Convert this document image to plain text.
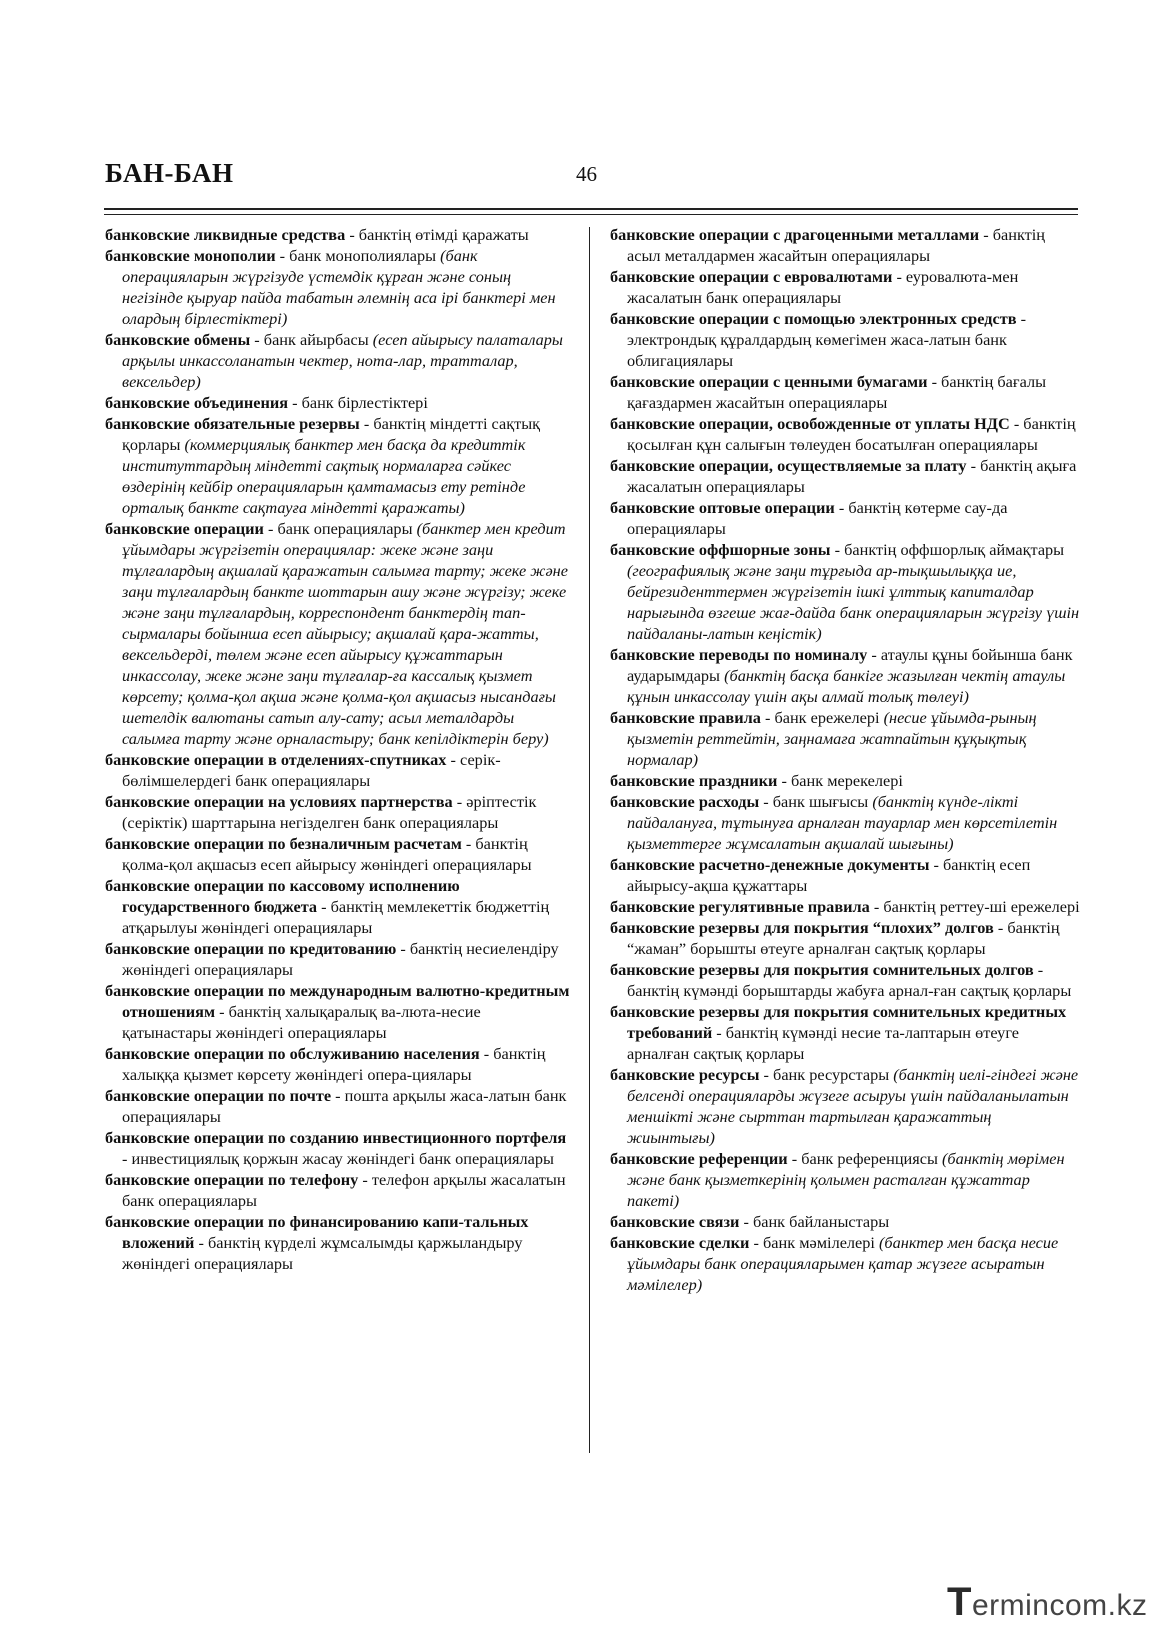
БАН-БАН	46

банковские ликвидные средства - банктің өтімді қаражаты

банковские монополии - банк монополиялары (банк операцияларын жүргізуде үстемдік құрған және соның негізінде қыруар пайда табатын әлемнің аса ірі банктері мен олардың бірлестіктері)

банковские обмены - банк айырбасы (есеп айырысу палаталары арқылы инкассоланатын чектер, нота-лар, тратталар, вексельдер)

банковские объединения - банк бірлестіктері

банковские обязательные резервы - банктің міндетті сақтық қорлары (коммерциялық банктер мен басқа да кредиттік институттардың міндетті сақтық нормаларға сәйкес өздерінің кейбір операцияларын қамтамасыз ету ретінде орталық банкте сақтауға міндетті қаражаты)

банковские операции - банк операциялары (банктер мен кредит ұйымдары жүргізетін операциялар: жеке және заңи тұлғалардың ақшалай қаражатын салымға тарту; жеке және заңи тұлғалардың банкте шоттарын ашу және жүргізу; жеке және заңи тұлғалардың, корреспондент банктердің тап-сырмалары бойынша есеп айырысу; ақшалай қара-жатты, вексельдерді, төлем және есеп айырысу құжаттарын инкассолау, жеке және заңи тұлғалар-ға кассалық қызмет көрсету; қолма-қол ақша және қолма-қол ақшасыз нысандағы шетелдік валютаны сатып алу-сату; асыл металдарды салымға тарту және орналастыру; банк кепілдіктерін беру)

банковские операции в отделениях-спутниках - серік-бөлімшелердегі банк операциялары

банковские операции на условиях партнерства - әріптестік (серіктік) шарттарына негізделген банк операциялары

банковские операции по безналичным расчетам - банктің қолма-қол ақшасыз есеп айырысу жөніндегі операциялары

банковские операции по кассовому исполнению государственного бюджета - банктің мемлекеттік бюджеттің атқарылуы жөніндегі операциялары

банковские операции по кредитованию - банктің несиелендіру жөніндегі операциялары

банковские операции по международным валютно-кредитным отношениям - банктің халықаралық ва-люта-несие қатынастары жөніндегі операциялары

банковские операции по обслуживанию населения - банктің халыққа қызмет көрсету жөніндегі опера-циялары

банковские операции по почте - пошта арқылы жаса-латын банк операциялары

банковские операции по созданию инвестиционного портфеля - инвестициялық қоржын жасау жөніндегі банк операциялары

банковские операции по телефону - телефон арқылы жасалатын банк операциялары

банковские операции по финансированию капи-тальных вложений - банктің күрделі жұмсалымды қаржыландыру жөніндегі операциялары

банковские операции с драгоценными металлами - банктің асыл металдармен жасайтын операциялары

банковские операции с евровалютами - еуровалюта-мен жасалатын банк операциялары

банковские операции с помощью электронных средств - электрондық құралдардың көмегімен жаса-латын банк облигациялары

банковские операции с ценными бумагами - банктің бағалы қағаздармен жасайтын операциялары

банковские операции, освобожденные от уплаты НДС - банктің қосылған құн салығын төлеуден босатылған операциялары

банковские операции, осуществляемые за плату - банктің ақыға жасалатын операциялары

банковские оптовые операции - банктің көтерме сау-да операциялары

банковские оффшорные зоны - банктің оффшорлық аймақтары (географиялық және заңи тұрғыда ар-тықшылыққа ие, бейрезиденттермен жүргізетін ішкі ұлттық капиталдар нарығында өзгеше жағ-дайда банк операцияларын жүргізу үшін пайдаланы-латын кеңістік)

банковские переводы по номиналу - атаулы құны бойынша банк аударымдары (банктің басқа банкіге жазылған чектің атаулы құнын инкассолау үшін ақы алмай толық төлеуі)

банковские правила - банк ережелері (несие ұйымда-рының қызметін реттейтін, заңнамаға жатпайтын құқықтық нормалар)

банковские праздники - банк мерекелері

банковские расходы - банк шығысы (банктің күнде-лікті пайдалануға, тұтынуға арналған тауарлар мен көрсетілетін қызметтерге жұмсалатын ақшалай шығыны)

банковские расчетно-денежные документы - банктің есеп айырысу-ақша құжаттары

банковские регулятивные правила - банктің реттеу-ші ережелері

банковские резервы для покрытия “плохих” долгов - банктің “жаман” борышты өтеуге арналған сақтық қорлары

банковские резервы для покрытия сомнительных долгов - банктің күмәнді борыштарды жабуға арнал-ған сақтық қорлары

банковские резервы для покрытия сомнительных кредитных требований - банктің күмәнді несие та-лаптарын өтеуге арналған сақтық қорлары

банковские ресурсы - банк ресурстары (банктің иелі-гіндегі және белсенді операцияларды жүзеге асыруы үшін пайдаланылатын меншікті және сырттан тартылған қаражаттың жиынтығы)

банковские референции - банк референциясы (банктің мөрімен және банк қызметкерінің қолымен расталған құжаттар пакеті)

банковские связи - банк байланыстары

банковские сделки - банк мәмілелері (банктер мен басқа несие ұйымдары банк операцияларымен қатар жүзеге асыратын мәмілелер)

Termincom.kz
